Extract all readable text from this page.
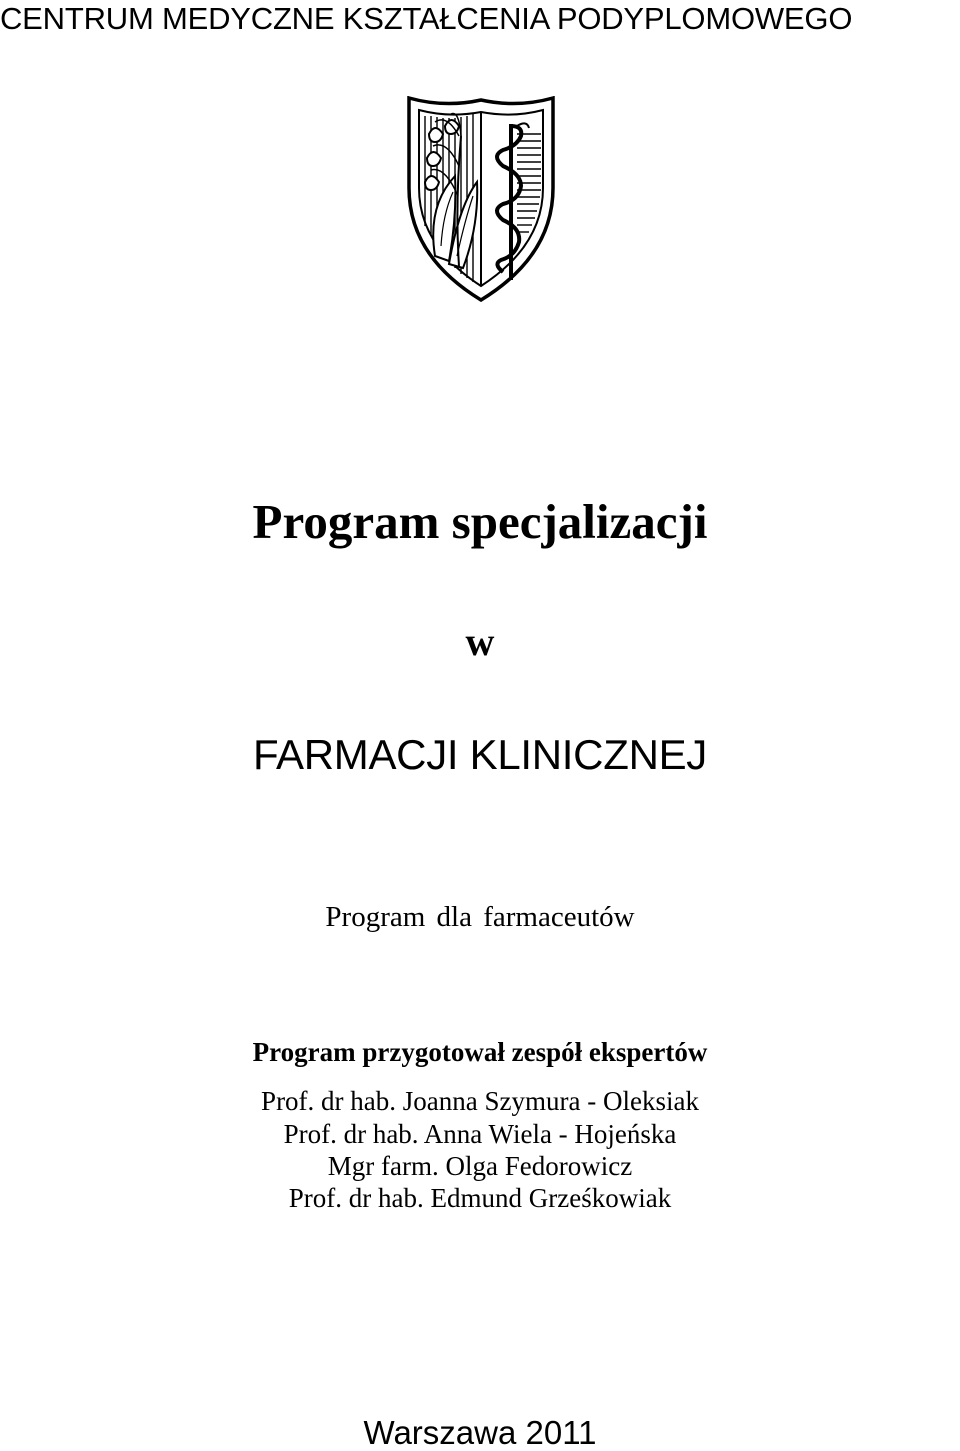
CENTRUM MEDYCZNE KSZTAŁCENIA PODYPLOMOWEGO
Program specjalizacji
w
FARMACJI KLINICZNEJ
Program dla farmaceutów
Program przygotował zespół ekspertów
Prof. dr hab. Joanna Szymura - Oleksiak
Prof. dr hab. Anna Wiela - Hojeńska
Mgr farm. Olga Fedorowicz
Prof. dr hab. Edmund Grześkowiak
Warszawa 2011
